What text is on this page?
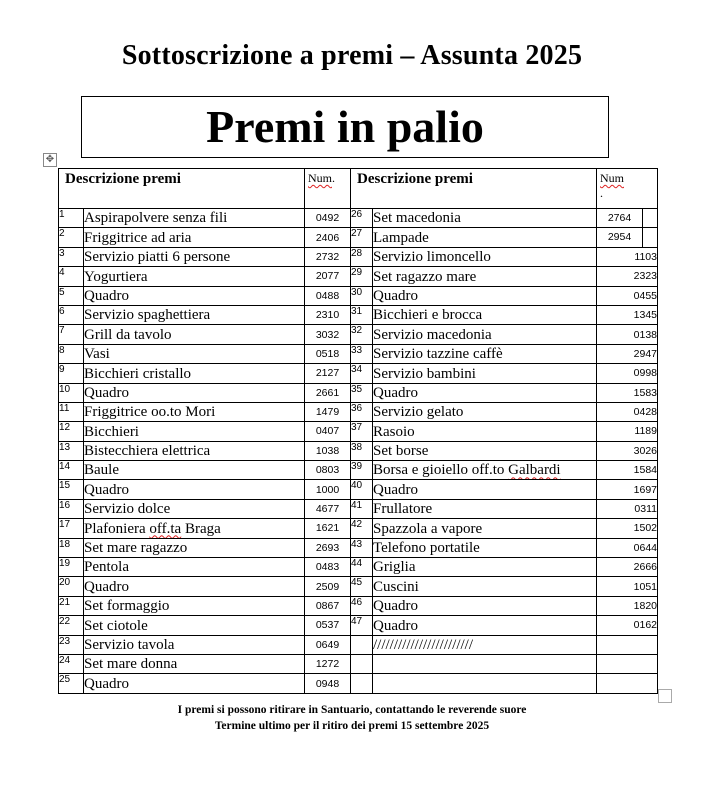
Sottoscrizione a premi – Assunta 2025
Premi in palio
✥
Descrizione premi		Num.	Descrizione premi		Num
.
1	Aspirapolvere senza fili	0492	26	Set macedonia	2764

2	Friggitrice ad aria	2406	27	Lampade	2954

3	Servizio piatti 6 persone	2732	28	Servizio limoncello	1103
4	Yogurtiera	2077	29	Set ragazzo mare	2323
5	Quadro	0488	30	Quadro	0455
6	Servizio spaghettiera	2310	31	Bicchieri e brocca	1345
7	Grill da tavolo	3032	32	Servizio macedonia	0138
8	Vasi	0518	33	Servizio tazzine caffè	2947
9	Bicchieri cristallo	2127	34	Servizio bambini	0998
10	Quadro	2661	35	Quadro	1583
11	Friggitrice oo.to Mori	1479	36	Servizio gelato	0428
12	Bicchieri	0407	37	Rasoio	1189
13	Bistecchiera elettrica	1038	38	Set borse	3026
14	Baule	0803	39	Borsa e gioiello off.to Galbardi	1584
15	Quadro	1000	40	Quadro	1697
16	Servizio dolce	4677	41	Frullatore	0311
17	Plafoniera off.ta Braga	1621	42	Spazzola a vapore	1502
18	Set mare ragazzo	2693	43	Telefono portatile	0644
19	Pentola	0483	44	Griglia	2666
20	Quadro	2509	45	Cuscini	1051
21	Set formaggio	0867	46	Quadro	1820
22	Set ciotole	0537	47	Quadro	0162
23	Servizio tavola	0649		////////////////////////	
24	Set mare donna	1272			
25	Quadro	0948			
I premi si possono ritirare in Santuario, contattando le reverende suore
Termine ultimo per il ritiro dei premi 15 settembre 2025
